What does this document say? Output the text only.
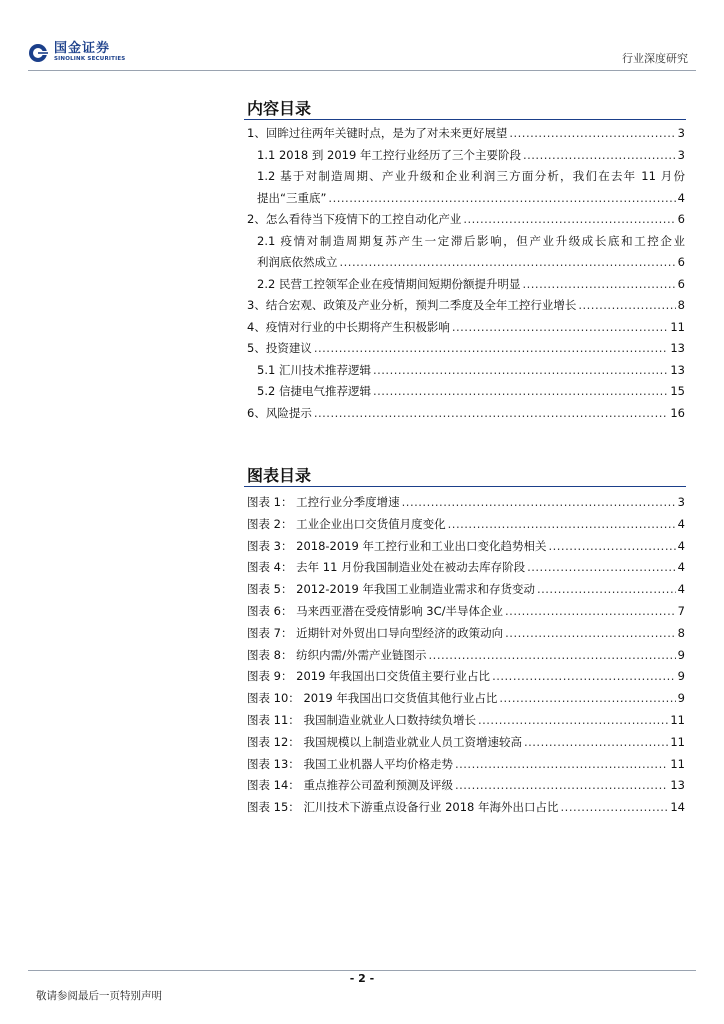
国金证券
SINOLINK SECURITIES	行业深度研究
内容目录
1、回眸过往两年关键时点，是为了对未来更好展望 .....	3
1.1 2018 到 2019 年工控行业经历了三个主要阶段 .....	3
1.2 基于对制造周期、产业升级和企业利润三方面分析，我们在去年 11 月份
提出“三重底” .....	4
2、怎么看待当下疫情下的工控自动化产业 .....	6
2.1 疫情对制造周期复苏产生一定滞后影响，但产业升级成长底和工控企业
利润底依然成立 .....	6
2.2 民营工控领军企业在疫情期间短期份额提升明显 .....	6
3、结合宏观、政策及产业分析，预判二季度及全年工控行业增长 .....	8
4、疫情对行业的中长期将产生积极影响 .....	11
5、投资建议 .....	13
5.1 汇川技术推荐逻辑 .....	13
5.2 信捷电气推荐逻辑 .....	15
6、风险提示 .....	16
图表目录
图表 1： 工控行业分季度增速 .....	3
图表 2： 工业企业出口交货值月度变化 .....	4
图表 3： 2018-2019 年工控行业和工业出口变化趋势相关 .....	4
图表 4： 去年 11 月份我国制造业处在被动去库存阶段 .....	4
图表 5： 2012-2019 年我国工业制造业需求和存货变动 .....	4
图表 6： 马来西亚潜在受疫情影响 3C/半导体企业 .....	7
图表 7： 近期针对外贸出口导向型经济的政策动向 .....	8
图表 8： 纺织内需/外需产业链图示 .....	9
图表 9： 2019 年我国出口交货值主要行业占比 .....	9
图表 10： 2019 年我国出口交货值其他行业占比 .....	9
图表 11： 我国制造业就业人口数持续负增长 .....	11
图表 12： 我国规模以上制造业就业人员工资增速较高 .....	11
图表 13： 我国工业机器人平均价格走势 .....	11
图表 14： 重点推荐公司盈利预测及评级 .....	13
图表 15： 汇川技术下游重点设备行业 2018 年海外出口占比 .....	14
- 2 -
敬请参阅最后一页特别声明
